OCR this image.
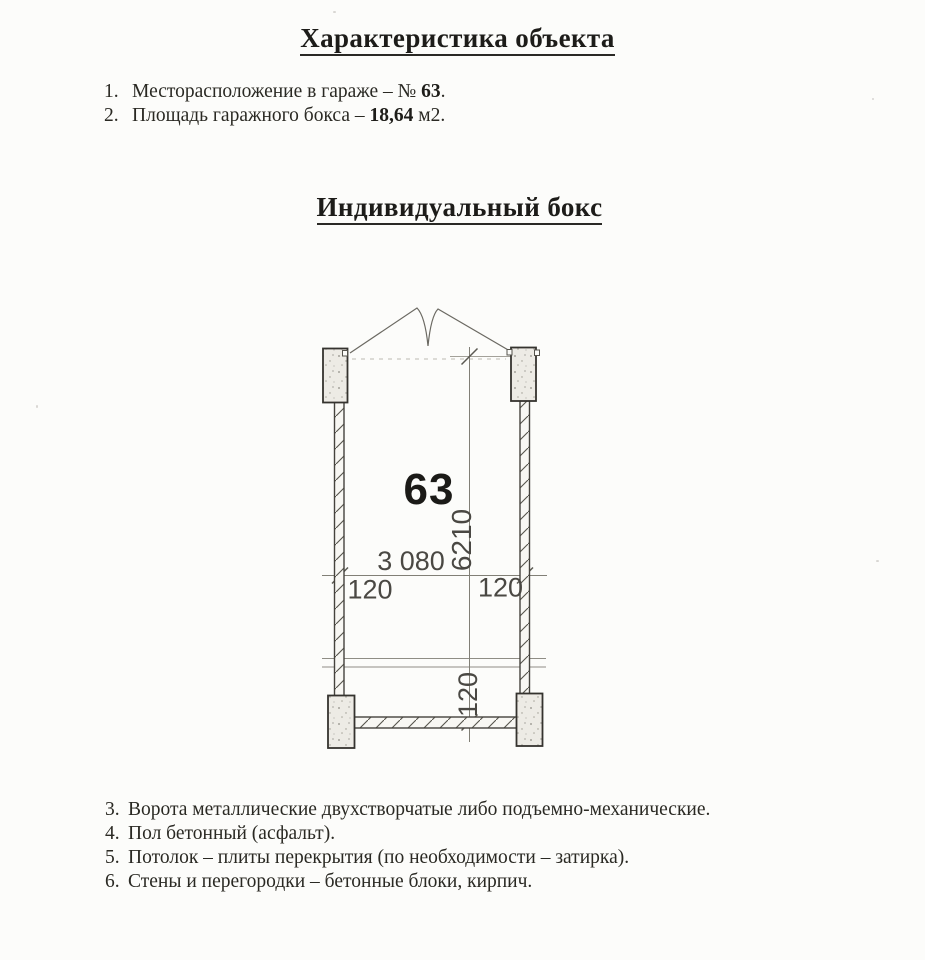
Характеристика объекта
1. Месторасположение в гараже – № 63.
2. Площадь гаражного бокса – 18,64 м2.
Индивидуальный бокс
63
6210
3 080
120	120
120
3. Ворота металлические двухстворчатые либо подъемно-механические.
4. Пол бетонный (асфальт).
5. Потолок – плиты перекрытия (по необходимости – затирка).
6. Стены и перегородки – бетонные блоки, кирпич.
